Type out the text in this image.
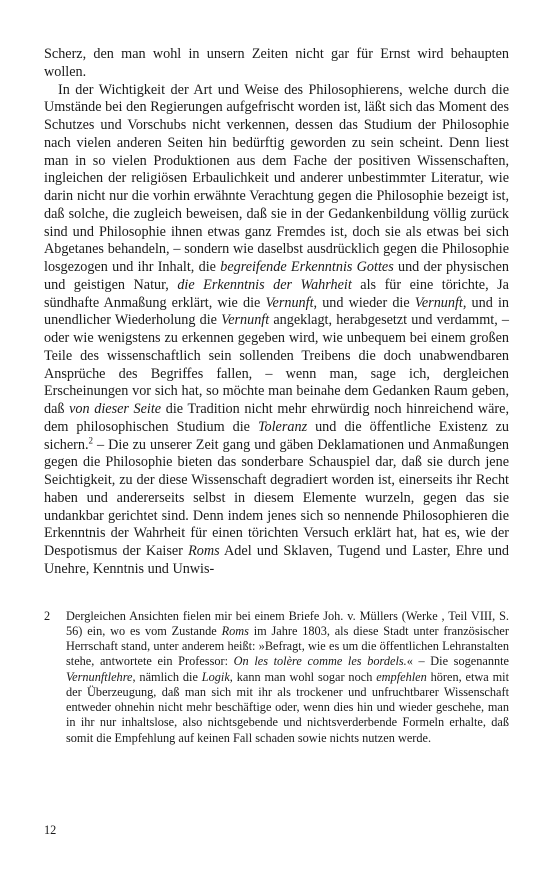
Scherz, den man wohl in unsern Zeiten nicht gar für Ernst wird behaupten wollen.

In der Wichtigkeit der Art und Weise des Philosophierens, welche durch die Umstände bei den Regierungen aufgefrischt worden ist, läßt sich das Moment des Schutzes und Vorschubs nicht verkennen, dessen das Studium der Philosophie nach vielen anderen Seiten hin bedürftig geworden zu sein scheint. Denn liest man in so vielen Produktionen aus dem Fache der positiven Wissenschaften, ingleichen der religiösen Erbaulichkeit und anderer unbestimmter Literatur, wie darin nicht nur die vorhin erwähnte Verachtung gegen die Philosophie bezeigt ist, daß solche, die zugleich beweisen, daß sie in der Gedankenbildung völlig zurück sind und Philosophie ihnen etwas ganz Fremdes ist, doch sie als etwas bei sich Abgetanes behandeln, – sondern wie daselbst ausdrücklich gegen die Philosophie losgezogen und ihr Inhalt, die begreifende Erkenntnis Gottes und der physischen und geistigen Natur, die Erkenntnis der Wahrheit als für eine törichte, Ja sündhafte Anmaßung erklärt, wie die Vernunft, und wieder die Vernunft, und in unendlicher Wiederholung die Vernunft angeklagt, herabgesetzt und verdammt, – oder wie wenigstens zu erkennen gegeben wird, wie unbequem bei einem großen Teile des wissenschaftlich sein sollenden Treibens die doch unabwendbaren Ansprüche des Begriffes fallen, – wenn man, sage ich, dergleichen Erscheinungen vor sich hat, so möchte man beinahe dem Gedanken Raum geben, daß von dieser Seite die Tradition nicht mehr ehrwürdig noch hinreichend wäre, dem philosophischen Studium die Toleranz und die öffentliche Existenz zu sichern.$^2$ – Die zu unserer Zeit gang und gäben Deklamationen und Anmaßungen gegen die Philosophie bieten das sonderbare Schauspiel dar, daß sie durch jene Seichtigkeit, zu der diese Wissenschaft degradiert worden ist, einerseits ihr Recht haben und andererseits selbst in diesem Elemente wurzeln, gegen das sie undankbar gerichtet sind. Denn indem jenes sich so nennende Philosophieren die Erkenntnis der Wahrheit für einen törichten Versuch erklärt hat, hat es, wie der Despotismus der Kaiser Roms Adel und Sklaven, Tugend und Laster, Ehre und Unehre, Kenntnis und Unwis-

2	Dergleichen Ansichten fielen mir bei einem Briefe Joh. v. Müllers (Werke , Teil VIII, S. 56) ein, wo es vom Zustande Roms im Jahre 1803, als diese Stadt unter französischer Herrschaft stand, unter anderem heißt: »Befragt, wie es um die öffentlichen Lehranstalten stehe, antwortete ein Professor: On les tolère comme les bordels.« – Die sogenannte Vernunftlehre, nämlich die Logik, kann man wohl sogar noch empfehlen hören, etwa mit der Überzeugung, daß man sich mit ihr als trockener und unfruchtbarer Wissenschaft entweder ohnehin nicht mehr beschäftige oder, wenn dies hin und wieder geschehe, man in ihr nur inhaltslose, also nichtsgebende und nichtsverderbende Formeln erhalte, daß somit die Empfehlung auf keinen Fall schaden sowie nichts nutzen werde.
12
